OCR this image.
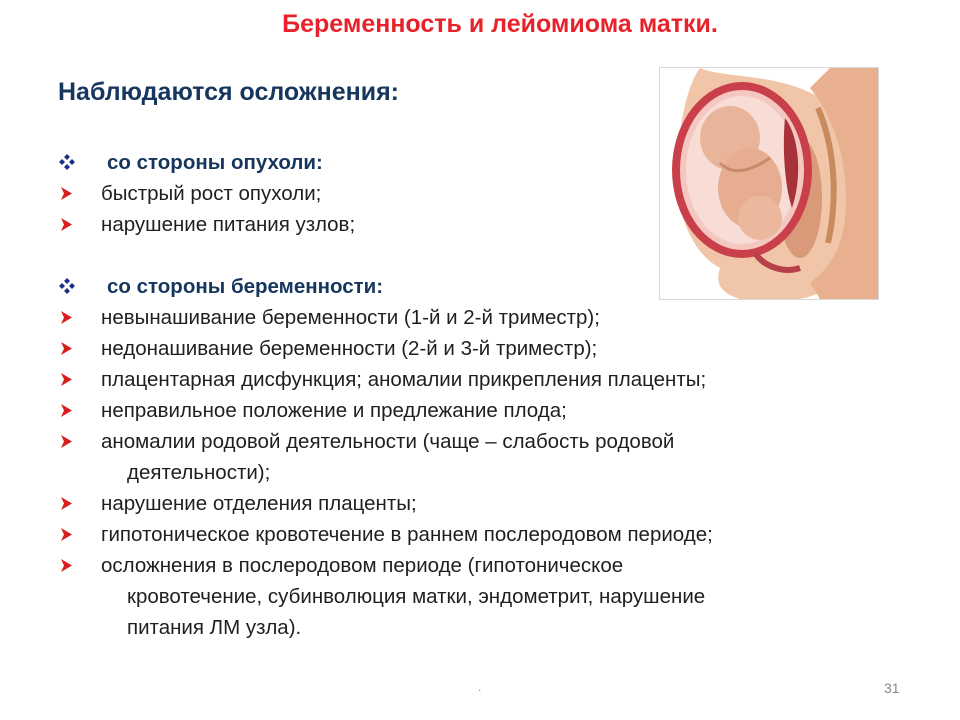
Беременность и лейомиома матки.
Наблюдаются осложнения:
со стороны опухоли:
быстрый рост опухоли;
нарушение питания узлов;
со стороны беременности:
невынашивание беременности (1-й и 2-й триместр);
недонашивание беременности (2-й и 3-й триместр);
плацентарная дисфункция; аномалии прикрепления плаценты;
неправильное положение и предлежание плода;
аномалии родовой деятельности (чаще – слабость родовой
деятельности);
нарушение отделения плаценты;
гипотоническое кровотечение в раннем послеродовом периоде;
осложнения в послеродовом периоде (гипотоническое
кровотечение, субинволюция матки, эндометрит, нарушение
питания ЛМ узла).
.	31
